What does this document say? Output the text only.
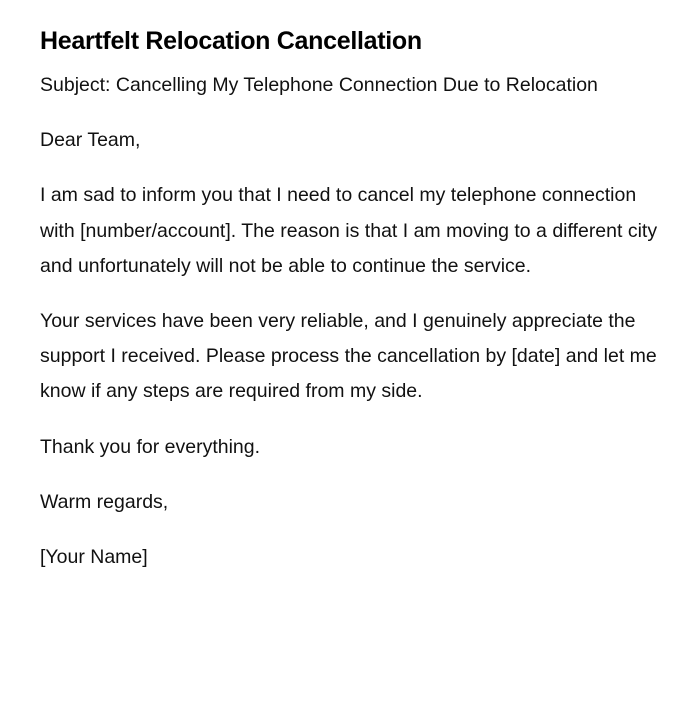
Heartfelt Relocation Cancellation

Subject: Cancelling My Telephone Connection Due to Relocation

Dear Team,

I am sad to inform you that I need to cancel my telephone connection with [number/account]. The reason is that I am moving to a different city and unfortunately will not be able to continue the service.

Your services have been very reliable, and I genuinely appreciate the support I received. Please process the cancellation by [date] and let me know if any steps are required from my side.

Thank you for everything.

Warm regards,

[Your Name]
